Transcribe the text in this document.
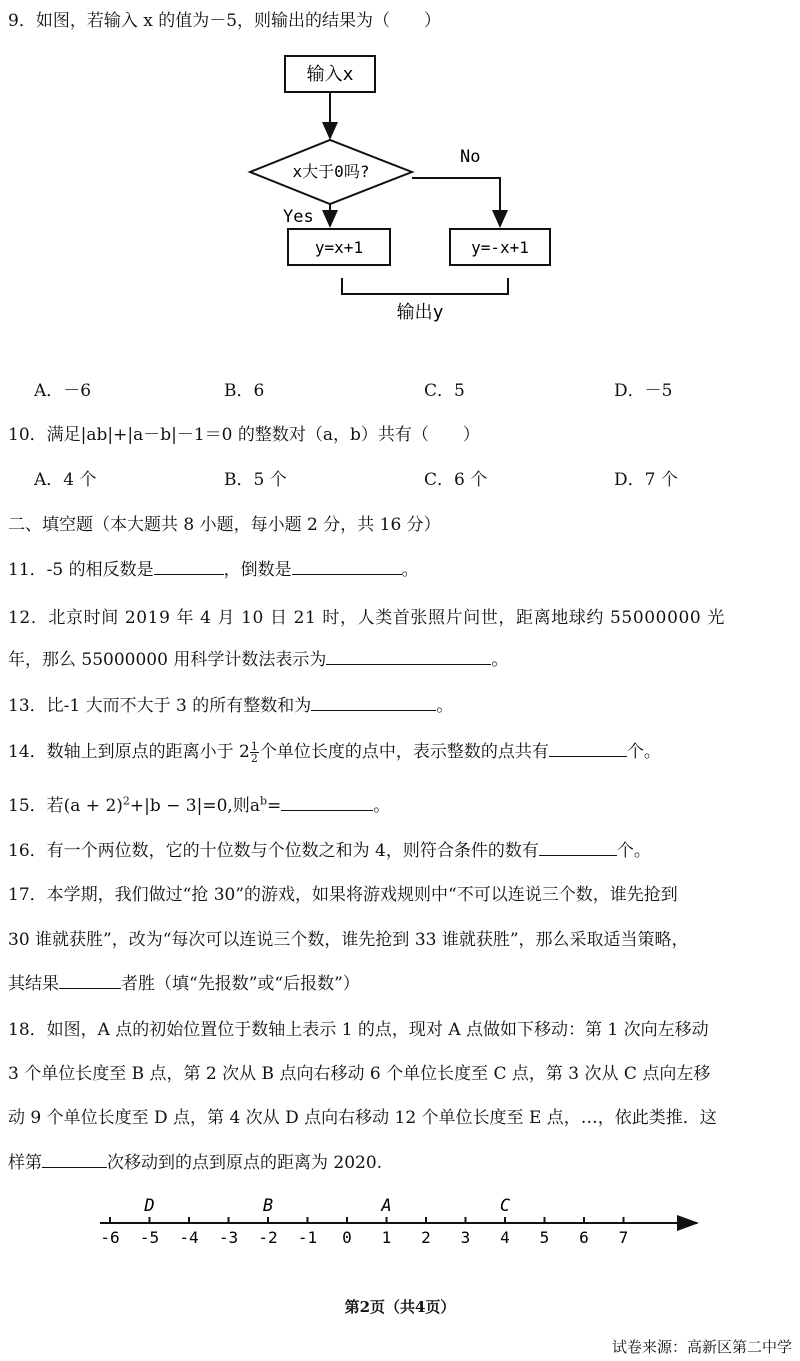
9．如图，若输入 x 的值为－5，则输出的结果为（　　）
输入x
x大于0吗?
No
Yes
y=x+1	y=-x+1
输出y
A．－6	B．6	C．5	D．－5
10．满足|ab|+|a－b|－1＝0 的整数对（a，b）共有（　　）
A．4 个	B．5 个	C．6 个	D．7 个
二、填空题（本大题共 8 小题，每小题 2 分，共 16 分）
11．-5 的相反数是	，倒数是	。
12．北京时间 2019 年 4 月 10 日 21 时，人类首张照片问世，距离地球约 55000000 光
年，那么 55000000 用科学计数法表示为	。
13．比-1 大而不大于 3 的所有整数和为	。
14．数轴上到原点的距离小于 $2 \frac{1}{2}$ 个单位长度的点中，表示整数的点共有	个。
15．若$(a + 2)^2+|b - 3|=0$,则$a^b=$	。
16．有一个两位数，它的十位数与个位数之和为 4，则符合条件的数有	个。
17．本学期，我们做过“抢 30”的游戏，如果将游戏规则中“不可以连说三个数，谁先抢到
30 谁就获胜”，改为“每次可以连说三个数，谁先抢到 33 谁就获胜”，那么采取适当策略，
其结果	者胜（填“先报数”或“后报数”）
18．如图，A 点的初始位置位于数轴上表示 1 的点，现对 A 点做如下移动：第 1 次向左移动
3 个单位长度至 B 点，第 2 次从 B 点向右移动 6 个单位长度至 C 点，第 3 次从 C 点向左移
动 9 个单位长度至 D 点，第 4 次从 D 点向右移动 12 个单位长度至 E 点，…，依此类推．这
样第	次移动到的点到原点的距离为 2020.
-6 -5 -4 -3 -2 -1 0 1 2 3 4 5 6 7
D	B	A	C
第2页（共4页）
试卷来源：高新区第二中学
